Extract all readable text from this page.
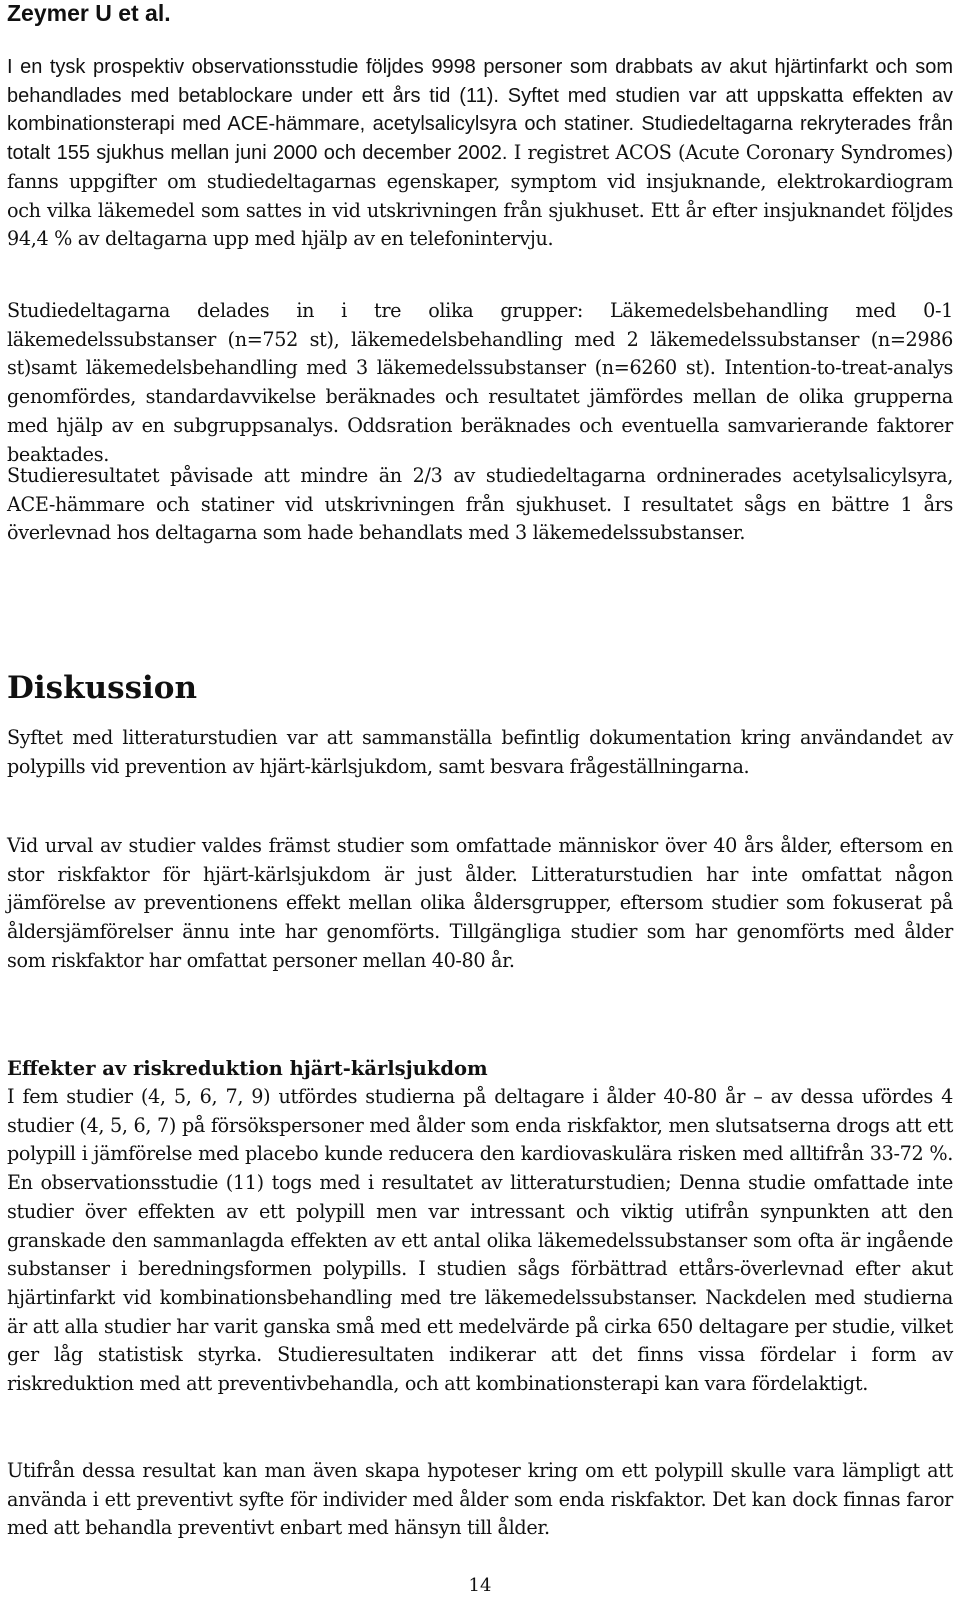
Zeymer U et al.

I en tysk prospektiv observationsstudie följdes 9998 personer som drabbats av akut hjärtinfarkt och som behandlades med betablockare under ett års tid (11). Syftet med studien var att uppskatta effekten av kombinationsterapi med ACE-hämmare, acetylsalicylsyra och statiner. Studiedeltagarna rekryterades från totalt 155 sjukhus mellan juni 2000 och december 2002. I registret ACOS (Acute Coronary Syndromes) fanns uppgifter om studiedeltagarnas egenskaper, symptom vid insjuknande, elektrokardiogram och vilka läkemedel som sattes in vid utskrivningen från sjukhuset. Ett år efter insjuknandet följdes 94,4 % av deltagarna upp med hjälp av en telefonintervju.

Studiedeltagarna delades in i tre olika grupper: Läkemedelsbehandling med 0-1 läkemedelssubstanser (n=752 st), läkemedelsbehandling med 2 läkemedelssubstanser (n=2986 st)samt läkemedelsbehandling med 3 läkemedelssubstanser (n=6260 st). Intention-to-treat-analys genomfördes, standardavvikelse beräknades och resultatet jämfördes mellan de olika grupperna med hjälp av en subgruppsanalys. Oddsration beräknades och eventuella samvarierande faktorer beaktades.

Studieresultatet påvisade att mindre än 2/3 av studiedeltagarna ordninerades acetylsalicylsyra, ACE-hämmare och statiner vid utskrivningen från sjukhuset. I resultatet sågs en bättre 1 års överlevnad hos deltagarna som hade behandlats med 3 läkemedelssubstanser.

Diskussion

Syftet med litteraturstudien var att sammanställa befintlig dokumentation kring användandet av polypills vid prevention av hjärt-kärlsjukdom, samt besvara frågeställningarna.

Vid urval av studier valdes främst studier som omfattade människor över 40 års ålder, eftersom en stor riskfaktor för hjärt-kärlsjukdom är just ålder. Litteraturstudien har inte omfattat någon jämförelse av preventionens effekt mellan olika åldersgrupper, eftersom studier som fokuserat på åldersjämförelser ännu inte har genomförts. Tillgängliga studier som har genomförts med ålder som riskfaktor har omfattat personer mellan 40-80 år.

Effekter av riskreduktion hjärt-kärlsjukdom

I fem studier (4, 5, 6, 7, 9) utfördes studierna på deltagare i ålder 40-80 år – av dessa ufördes 4 studier (4, 5, 6, 7) på försökspersoner med ålder som enda riskfaktor, men slutsatserna drogs att ett polypill i jämförelse med placebo kunde reducera den kardiovaskulära risken med alltifrån 33-72 %. En observationsstudie (11) togs med i resultatet av litteraturstudien; Denna studie omfattade inte studier över effekten av ett polypill men var intressant och viktig utifrån synpunkten att den granskade den sammanlagda effekten av ett antal olika läkemedelssubstanser som ofta är ingående substanser i beredningsformen polypills. I studien sågs förbättrad ettårs-överlevnad efter akut hjärtinfarkt vid kombinationsbehandling med tre läkemedelssubstanser. Nackdelen med studierna är att alla studier har varit ganska små med ett medelvärde på cirka 650 deltagare per studie, vilket ger låg statistisk styrka. Studieresultaten indikerar att det finns vissa fördelar i form av riskreduktion med att preventivbehandla, och att kombinationsterapi kan vara fördelaktigt.

Utifrån dessa resultat kan man även skapa hypoteser kring om ett polypill skulle vara lämpligt att använda i ett preventivt syfte för individer med ålder som enda riskfaktor. Det kan dock finnas faror med att behandla preventivt enbart med hänsyn till ålder.

14
